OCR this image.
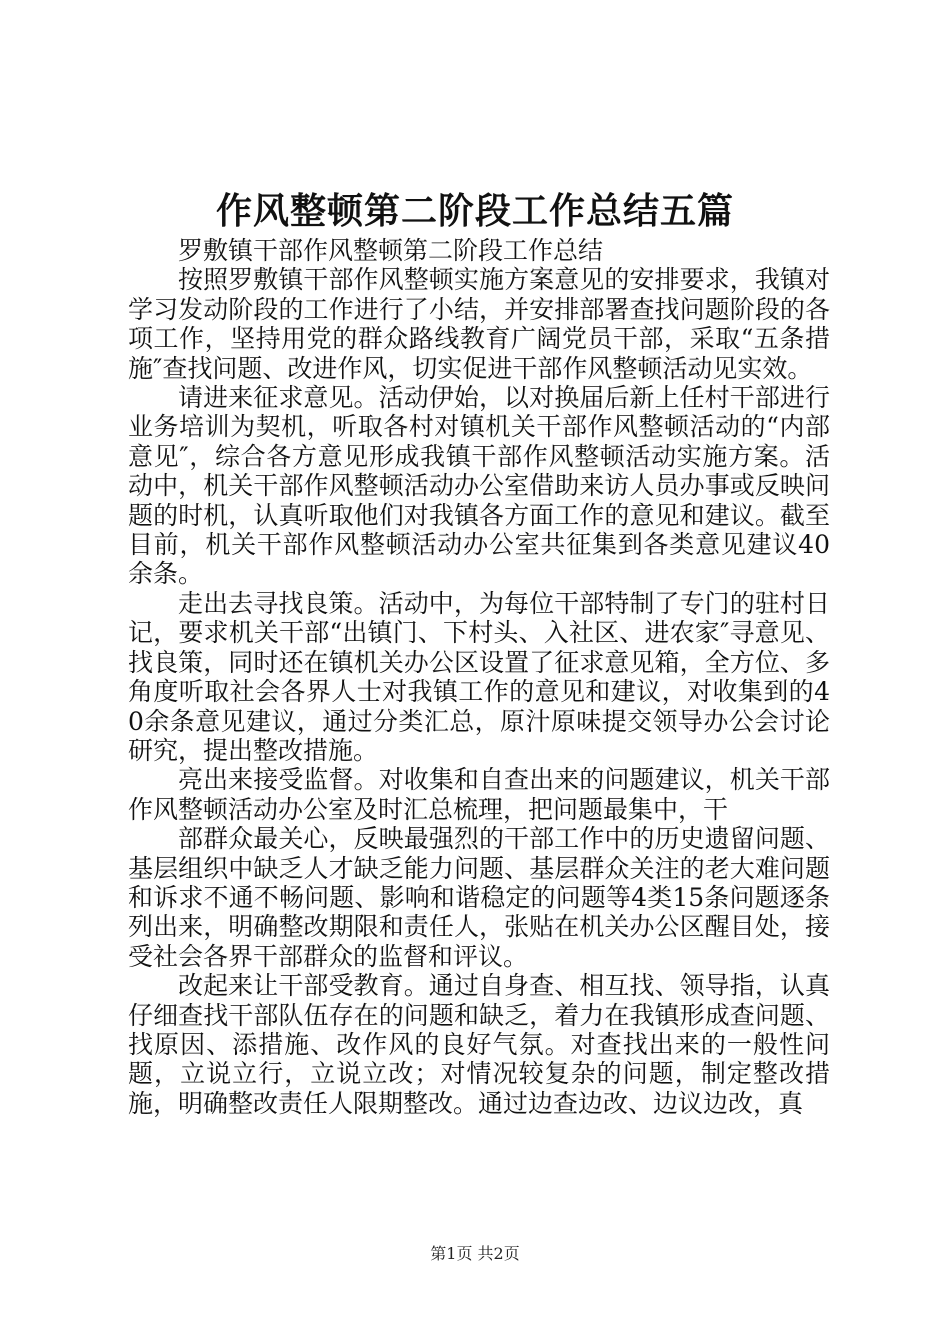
作风整顿第二阶段工作总结五篇

罗敷镇干部作风整顿第二阶段工作总结

按照罗敷镇干部作风整顿实施方案意见的安排要求，我镇对学习发动阶段的工作进行了小结，并安排部署查找问题阶段的各项工作，坚持用党的群众路线教育广阔党员干部，采取“五条措施″查找问题、改进作风，切实促进干部作风整顿活动见实效。

请进来征求意见。活动伊始，以对换届后新上任村干部进行业务培训为契机，听取各村对镇机关干部作风整顿活动的“内部意见″，综合各方意见形成我镇干部作风整顿活动实施方案。活动中，机关干部作风整顿活动办公室借助来访人员办事或反映问题的时机，认真听取他们对我镇各方面工作的意见和建议。截至目前，机关干部作风整顿活动办公室共征集到各类意见建议40余条。

走出去寻找良策。活动中，为每位干部特制了专门的驻村日记，要求机关干部“出镇门、下村头、入社区、进农家″寻意见、找良策，同时还在镇机关办公区设置了征求意见箱，全方位、多角度听取社会各界人士对我镇工作的意见和建议，对收集到的40余条意见建议，通过分类汇总，原汁原味提交领导办公会讨论研究，提出整改措施。

亮出来接受监督。对收集和自查出来的问题建议，机关干部作风整顿活动办公室及时汇总梳理，把问题最集中，干

部群众最关心，反映最强烈的干部工作中的历史遗留问题、基层组织中缺乏人才缺乏能力问题、基层群众关注的老大难问题和诉求不通不畅问题、影响和谐稳定的问题等4类15条问题逐条列出来，明确整改期限和责任人，张贴在机关办公区醒目处，接受社会各界干部群众的监督和评议。

改起来让干部受教育。通过自身查、相互找、领导指，认真仔细查找干部队伍存在的问题和缺乏，着力在我镇形成查问题、找原因、添措施、改作风的良好气氛。对查找出来的一般性问题，立说立行，立说立改；对情况较复杂的问题，制定整改措施，明确整改责任人限期整改。通过边查边改、边议边改，真

第1页 共2页
